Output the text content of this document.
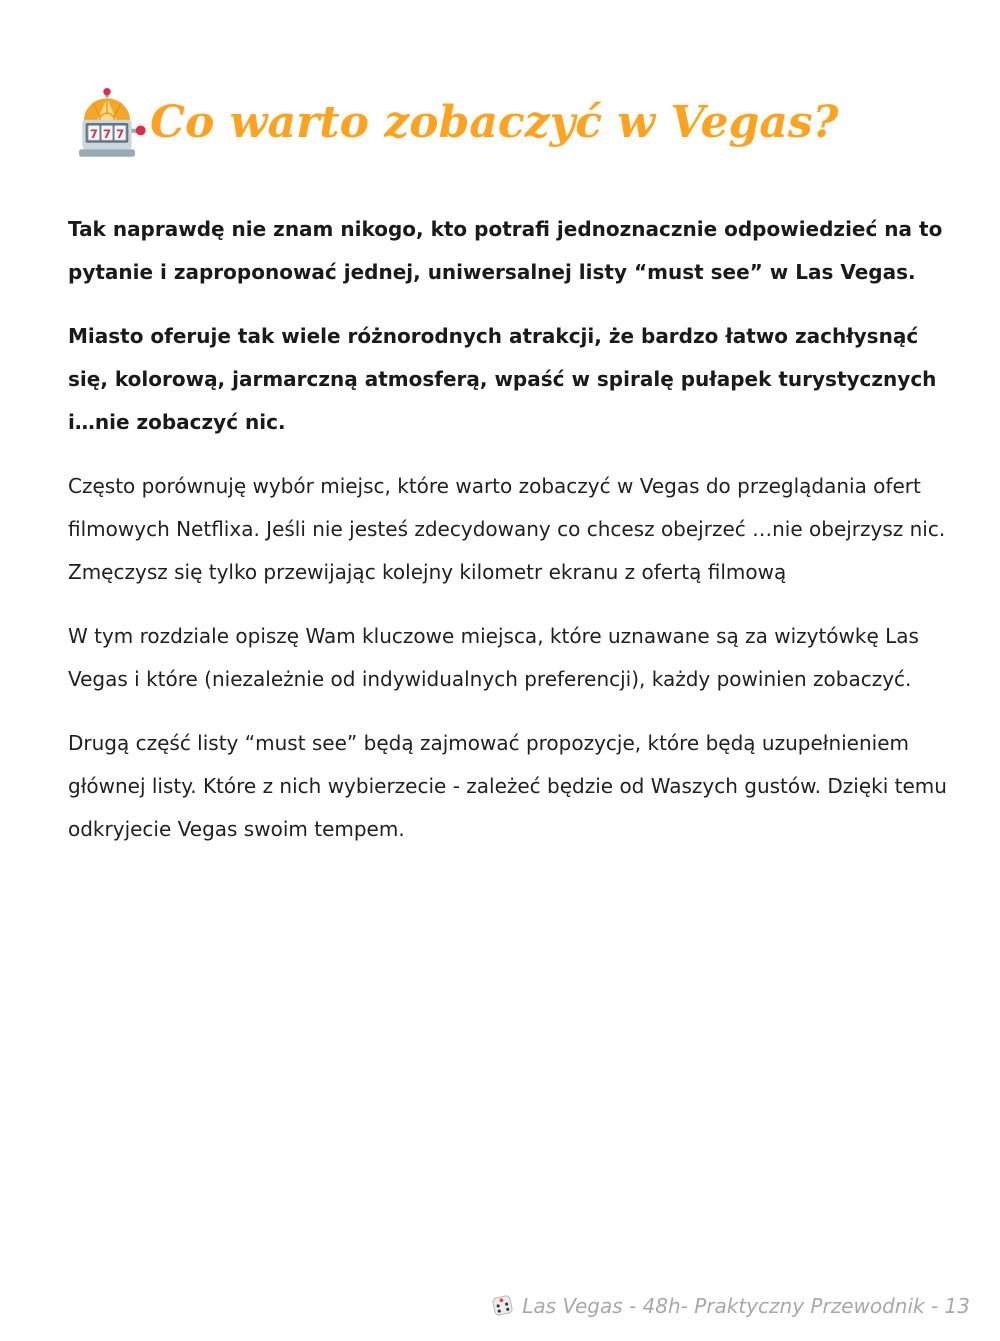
7 7 7 Co warto zobaczyć w Vegas?

Tak naprawdę nie znam nikogo, kto potrafi jednoznacznie odpowiedzieć na to pytanie i zaproponować jednej, uniwersalnej listy “must see” w Las Vegas.

Miasto oferuje tak wiele różnorodnych atrakcji, że bardzo łatwo zachłysnąć się, kolorową, jarmarczną atmosferą, wpaść w spiralę pułapek turystycznych i…nie zobaczyć nic.

Często porównuję wybór miejsc, które warto zobaczyć w Vegas do przeglądania ofert filmowych Netflixa. Jeśli nie jesteś zdecydowany co chcesz obejrzeć …nie obejrzysz nic. Zmęczysz się tylko przewijając kolejny kilometr ekranu z ofertą filmową

W tym rozdziale opiszę Wam kluczowe miejsca, które uznawane są za wizytówkę Las Vegas i które (niezależnie od indywidualnych preferencji), każdy powinien zobaczyć.

Drugą część listy “must see” będą zajmować propozycje, które będą uzupełnieniem głównej listy. Które z nich wybierzecie - zależeć będzie od Waszych gustów. Dzięki temu odkryjecie Vegas swoim tempem.

Las Vegas - 48h- Praktyczny Przewodnik - 13
